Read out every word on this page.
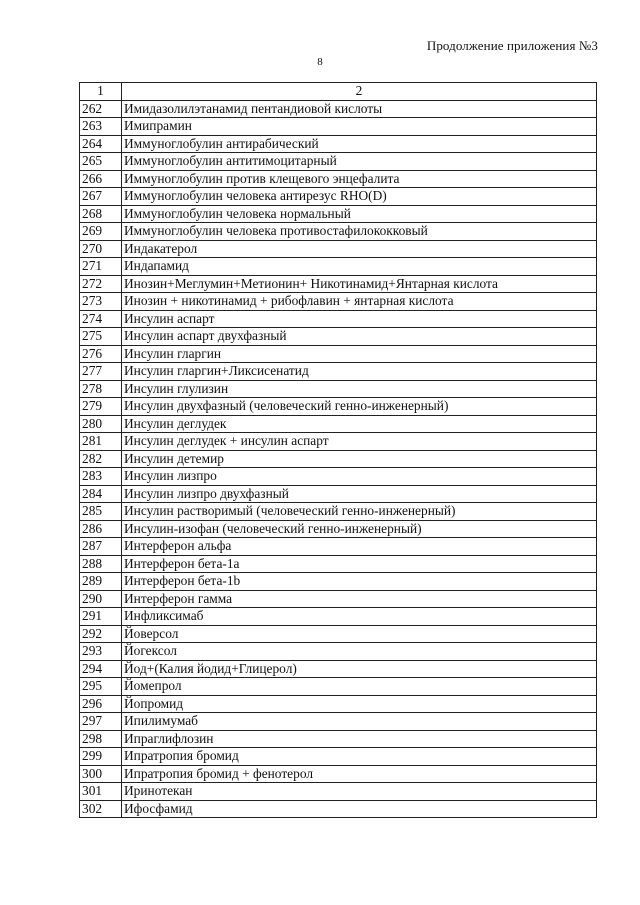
Продолжение приложения №3
8
1	2
262	Имидазолилэтанамид пентандиовой кислоты
263	Имипрамин
264	Иммуноглобулин антирабический
265	Иммуноглобулин антитимоцитарный
266	Иммуноглобулин против клещевого энцефалита
267	Иммуноглобулин человека антирезус RHO(D)
268	Иммуноглобулин человека нормальный
269	Иммуноглобулин человека противостафилококковый
270	Индакатерол
271	Индапамид
272	Инозин+Меглумин+Метионин+ Никотинамид+Янтарная кислота
273	Инозин + никотинамид + рибофлавин + янтарная кислота
274	Инсулин аспарт
275	Инсулин аспарт двухфазный
276	Инсулин гларгин
277	Инсулин гларгин+Ликсисенатид
278	Инсулин глулизин
279	Инсулин двухфазный (человеческий генно-инженерный)
280	Инсулин деглудек
281	Инсулин деглудек + инсулин аспарт
282	Инсулин детемир
283	Инсулин лизпро
284	Инсулин лизпро двухфазный
285	Инсулин растворимый (человеческий генно-инженерный)
286	Инсулин-изофан (человеческий генно-инженерный)
287	Интерферон альфа
288	Интерферон бета-1a
289	Интерферон бета-1b
290	Интерферон гамма
291	Инфликсимаб
292	Йоверсол
293	Йогексол
294	Йод+(Калия йодид+Глицерол)
295	Йомепрол
296	Йопромид
297	Ипилимумаб
298	Ипраглифлозин
299	Ипратропия бромид
300	Ипратропия бромид + фенотерол
301	Иринотекан
302	Ифосфамид
